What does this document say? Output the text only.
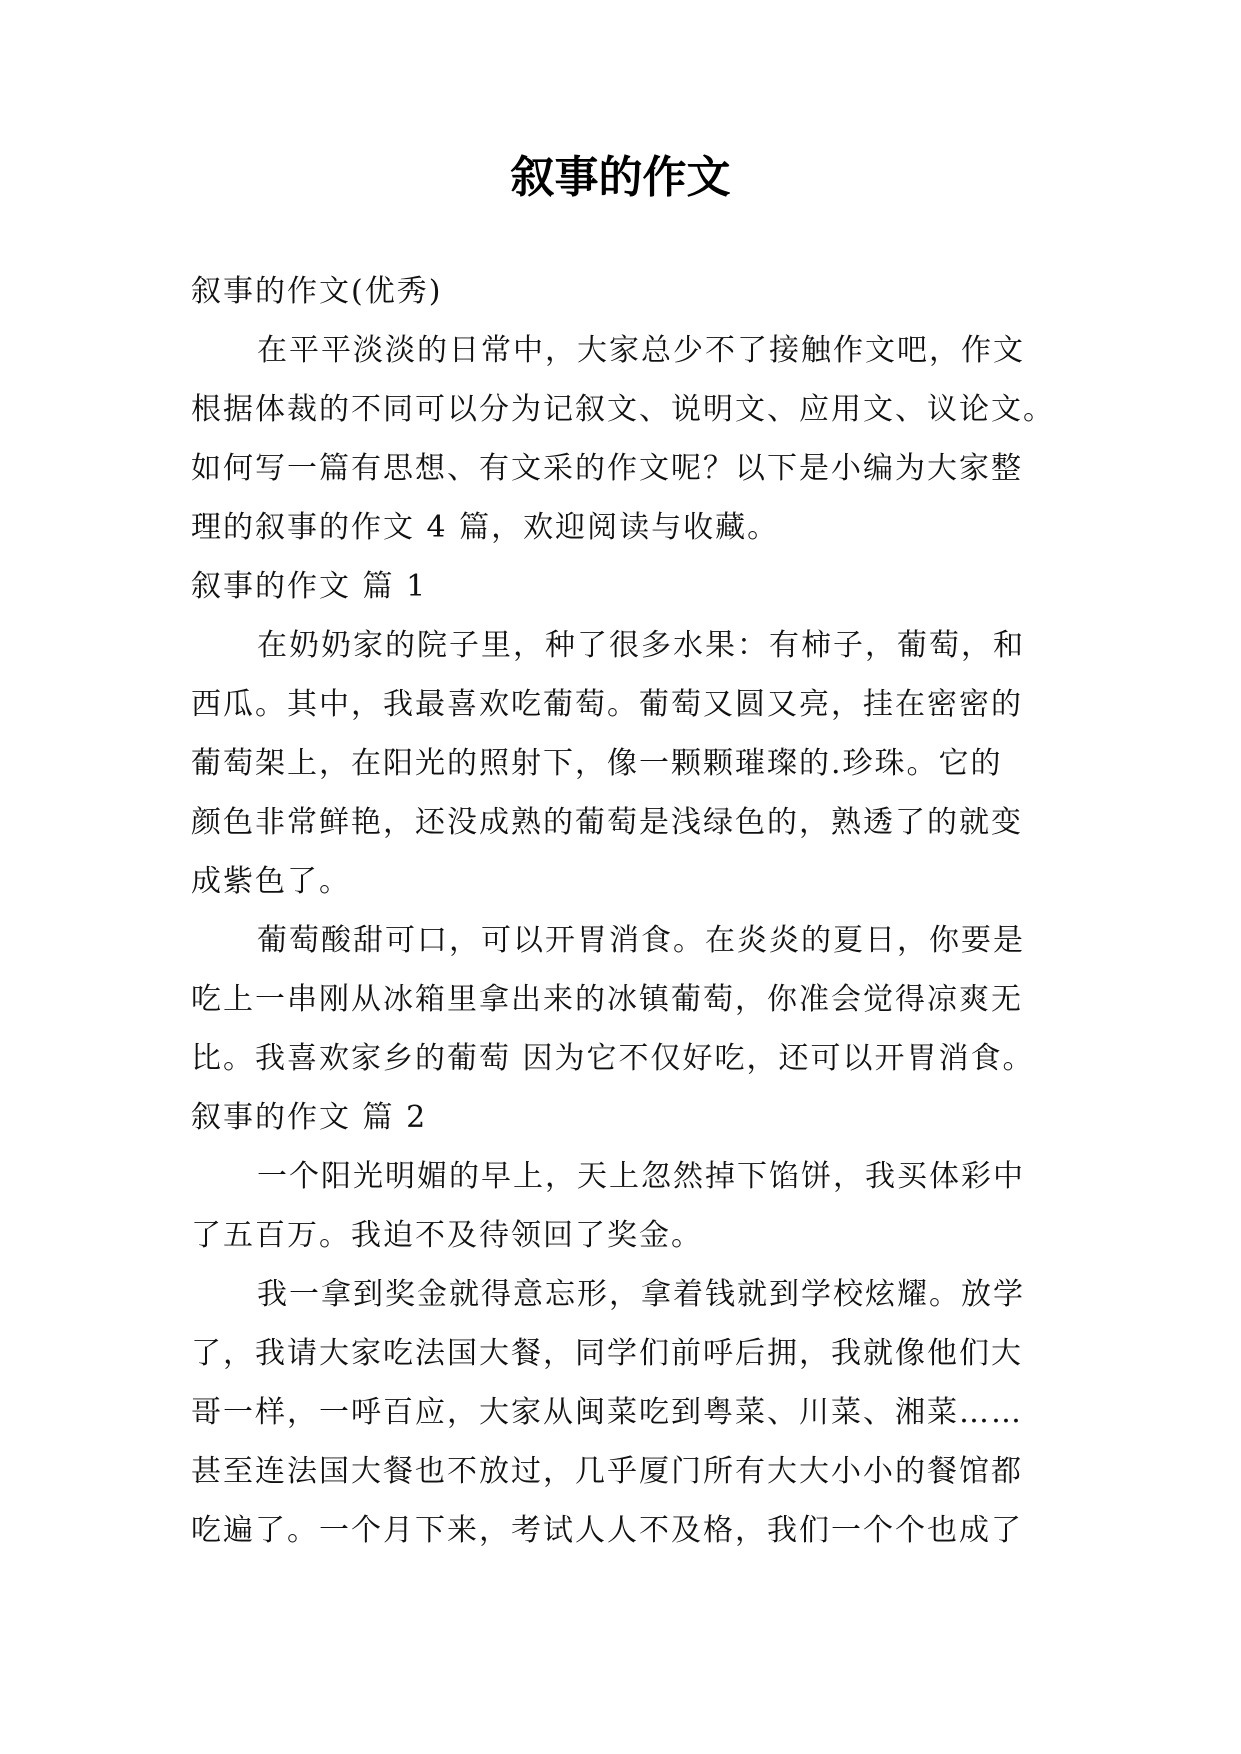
叙事的作文
叙事的作文(优秀)
在平平淡淡的日常中，大家总少不了接触作文吧，作文
根据体裁的不同可以分为记叙文、说明文、应用文、议论文。
如何写一篇有思想、有文采的作文呢？以下是小编为大家整
理的叙事的作文 4 篇，欢迎阅读与收藏。
叙事的作文 篇 1
在奶奶家的院子里，种了很多水果：有柿子，葡萄，和
西瓜。其中，我最喜欢吃葡萄。葡萄又圆又亮，挂在密密的
葡萄架上，在阳光的照射下，像一颗颗璀璨的.珍珠。它的
颜色非常鲜艳，还没成熟的葡萄是浅绿色的，熟透了的就变
成紫色了。
葡萄酸甜可口，可以开胃消食。在炎炎的夏日，你要是
吃上一串刚从冰箱里拿出来的冰镇葡萄，你准会觉得凉爽无
比。我喜欢家乡的葡萄 因为它不仅好吃，还可以开胃消食。
叙事的作文 篇 2
一个阳光明媚的早上，天上忽然掉下馅饼，我买体彩中
了五百万。我迫不及待领回了奖金。
我一拿到奖金就得意忘形，拿着钱就到学校炫耀。放学
了，我请大家吃法国大餐，同学们前呼后拥，我就像他们大
哥一样，一呼百应，大家从闽菜吃到粤菜、川菜、湘菜……
甚至连法国大餐也不放过，几乎厦门所有大大小小的餐馆都
吃遍了。一个月下来，考试人人不及格，我们一个个也成了
